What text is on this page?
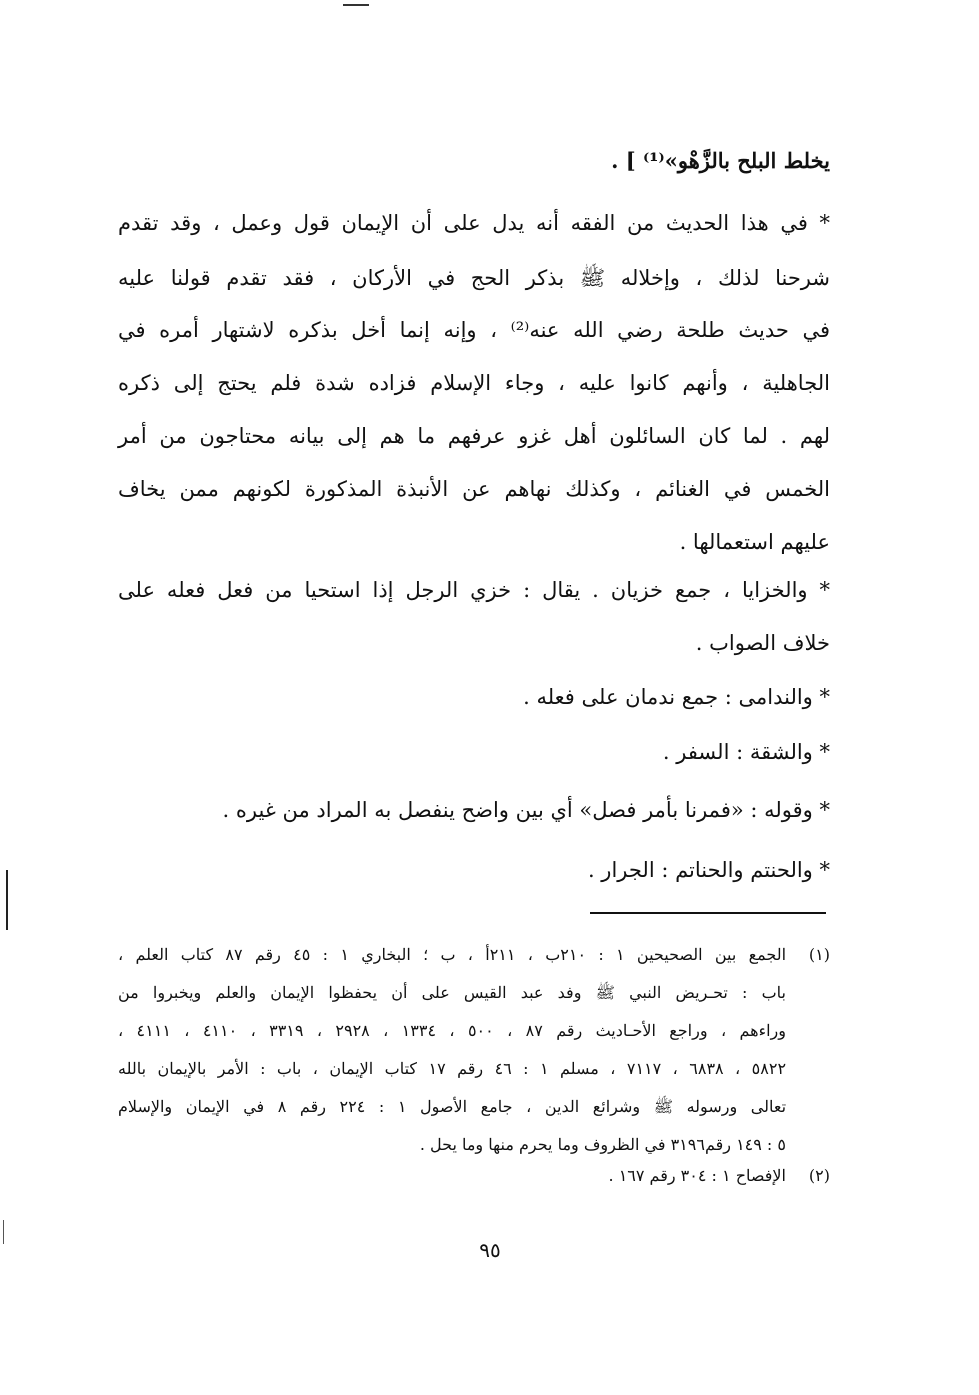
يخلط البلح بالزَّهْو»⁽¹⁾ ] .
* في هذا الحديث من الفقه أنه يدل على أن الإيمان قول وعمل ، وقد تقدم
شرحنا لذلك ، وإخلاله ﷺ بذكر الحج في الأركان ، فقد تقدم قولنا عليه
في حديث طلحة رضي الله عنه⁽²⁾ ، وإنه إنما أخل بذكره لاشتهار أمره في
الجاهلية ، وأنهم كانوا عليه ، وجاء الإسلام فزاده شدة فلم يحتج إلى ذكره
لهم . لما كان السائلون أهل غزو عرفهم ما هم إلى بيانه محتاجون من أمر
الخمس في الغنائم ، وكذلك نهاهم عن الأنبذة المذكورة لكونهم ممن يخاف
عليهم استعمالها .
* والخزايا ، جمع خزيان . يقال : خزي الرجل إذا استحيا من فعل فعله على
خلاف الصواب .
* والندامى : جمع ندمان على فعله .
* والشقة : السفر .
* وقوله : «فمرنا بأمر فصل» أي بين واضح ينفصل به المراد من غيره .
* والحنتم والحناتم : الجرار .
(١)
الجمع بين الصحيحين ١ : ٢١٠ب ، ٢١١أ ، ب ؛ البخاري ١ : ٤٥ رقم ٨٧ كتاب العلم ،
باب : تحـريض النبي ﷺ وفد عبد القيس على أن يحفظوا الإيمان والعلم ويخبروا من
وراءهم ، وراجع الأحـاديث رقم ٨٧ ، ٥٠٠ ، ١٣٣٤ ، ٢٩٢٨ ، ٣٣١٩ ، ٤١١٠ ، ٤١١١ ،
٥٨٢٢ ، ٦٨٣٨ ، ٧١١٧ ، مسلم ١ : ٤٦ رقم ١٧ كتاب الإيمان ، باب : الأمر بالإيمان بالله
تعالى ورسوله ﷺ وشرائع الدين ، جامع الأصول ١ : ٢٢٤ رقم ٨ في الإيمان والإسلام
٥ : ١٤٩ رقم٣١٩٦ في الظروف وما يحرم منها وما يحل .
(٢)
الإفصاح ١ : ٣٠٤ رقم ١٦٧ .
٩٥
